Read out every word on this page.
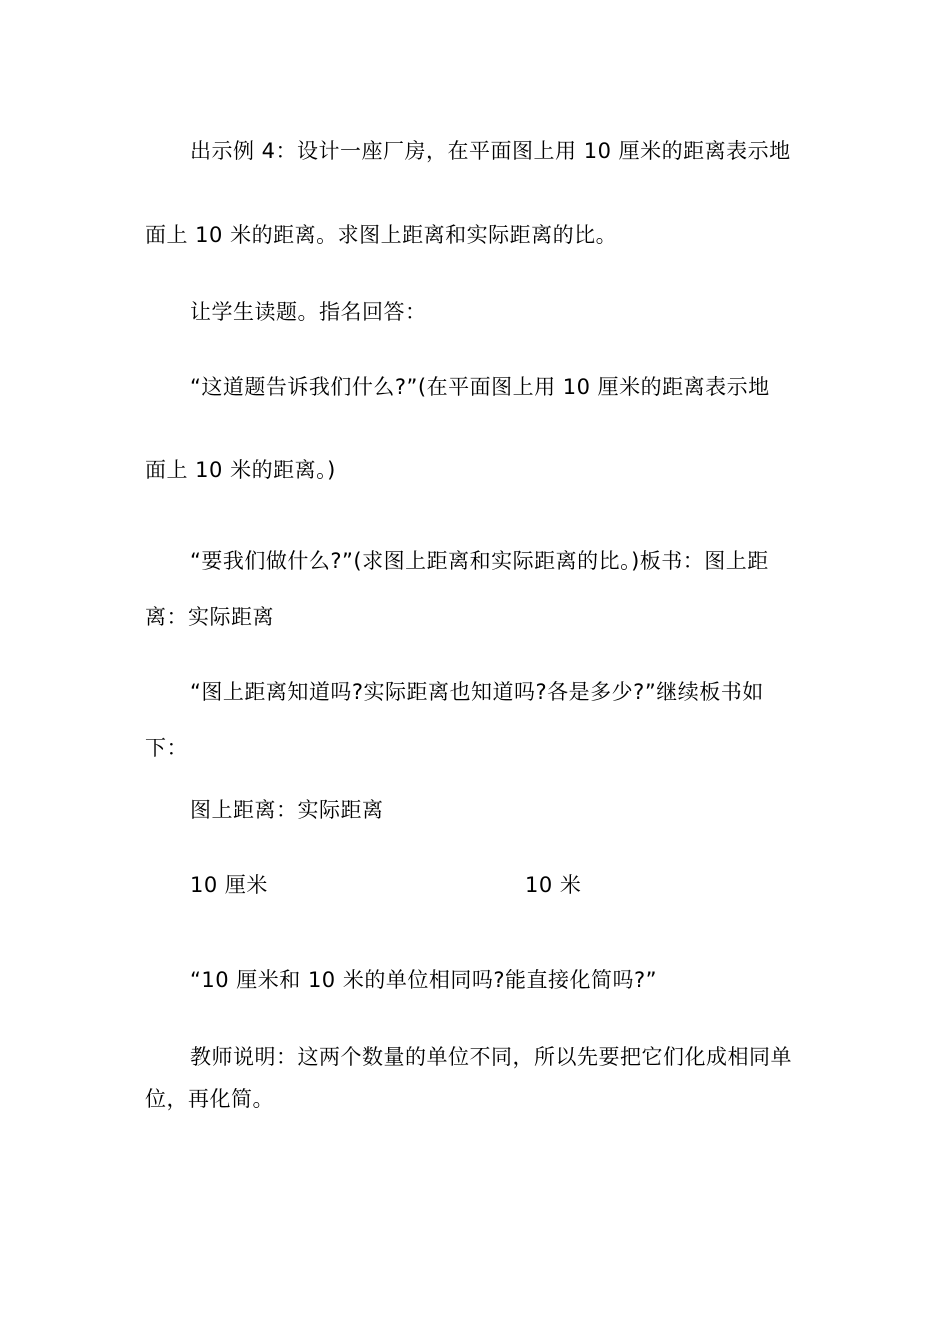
出示例 4：设计一座厂房，在平面图上用 10 厘米的距离表示地
面上 10 米的距离。求图上距离和实际距离的比。
让学生读题。指名回答：
“这道题告诉我们什么?”(在平面图上用 10 厘米的距离表示地
面上 10 米的距离。)
“要我们做什么?”(求图上距离和实际距离的比。)板书：图上距
离：实际距离
“图上距离知道吗?实际距离也知道吗?各是多少?”继续板书如
下：
图上距离：实际距离
10 厘米	10 米
“10 厘米和 10 米的单位相同吗?能直接化简吗?”
教师说明：这两个数量的单位不同，所以先要把它们化成相同单
位，再化简。
